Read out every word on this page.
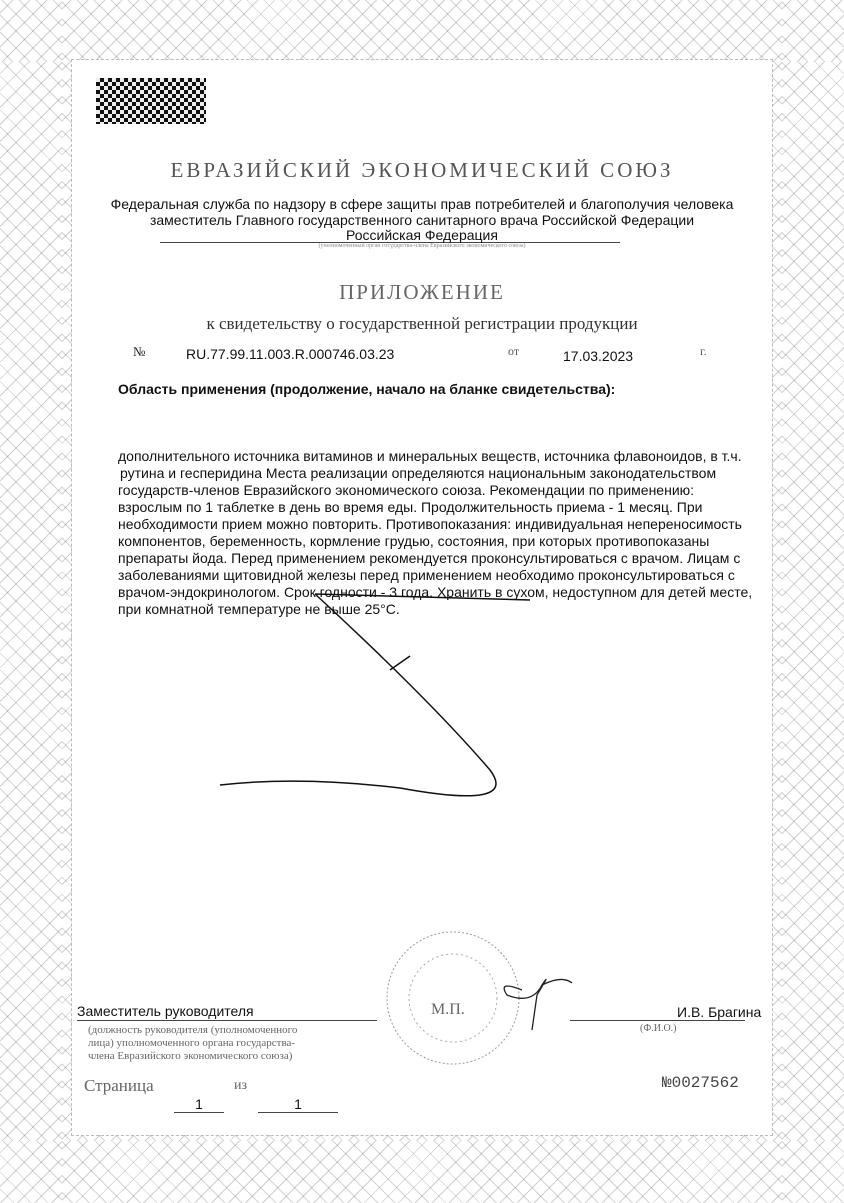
ЕВРАЗИЙСКИЙ ЭКОНОМИЧЕСКИЙ СОЮЗ
Федеральная служба по надзору в сфере защиты прав потребителей и благополучия человека
заместитель Главного государственного санитарного врача Российской Федерации
Российская Федерация
(уполномоченный орган государства-члена Евразийского экономического союза)
ПРИЛОЖЕНИЕ
к свидетельству о государственной регистрации продукции
№	RU.77.99.11.003.R.000746.03.23	от	17.03.2023	г.
Область применения (продолжение, начало на бланке свидетельства):
дополнительного источника витаминов и минеральных веществ, источника флавоноидов, в т.ч.
рутина и гесперидина Места реализации определяются национальным законодательством
государств-членов Евразийского экономического союза. Рекомендации по применению:
взрослым по 1 таблетке в день во время еды. Продолжительность приема - 1 месяц. При
необходимости прием можно повторить. Противопоказания: индивидуальная непереносимость
компонентов, беременность, кормление грудью, состояния, при которых противопоказаны
препараты йода. Перед применением рекомендуется проконсультироваться с врачом. Лицам с
заболеваниями щитовидной железы перед применением необходимо проконсультироваться с
врачом-эндокринологом. Срок годности - 3 года. Хранить в сухом, недоступном для детей месте,
при комнатной температуре не выше 25°C.
М.П.
Заместитель руководителя
(должность руководителя (уполномоченного
лица) уполномоченного органа государства-
члена Евразийского экономического союза)
И.В. Брагина
(Ф.И.О.)
Страница
1
из
1
№0027562
